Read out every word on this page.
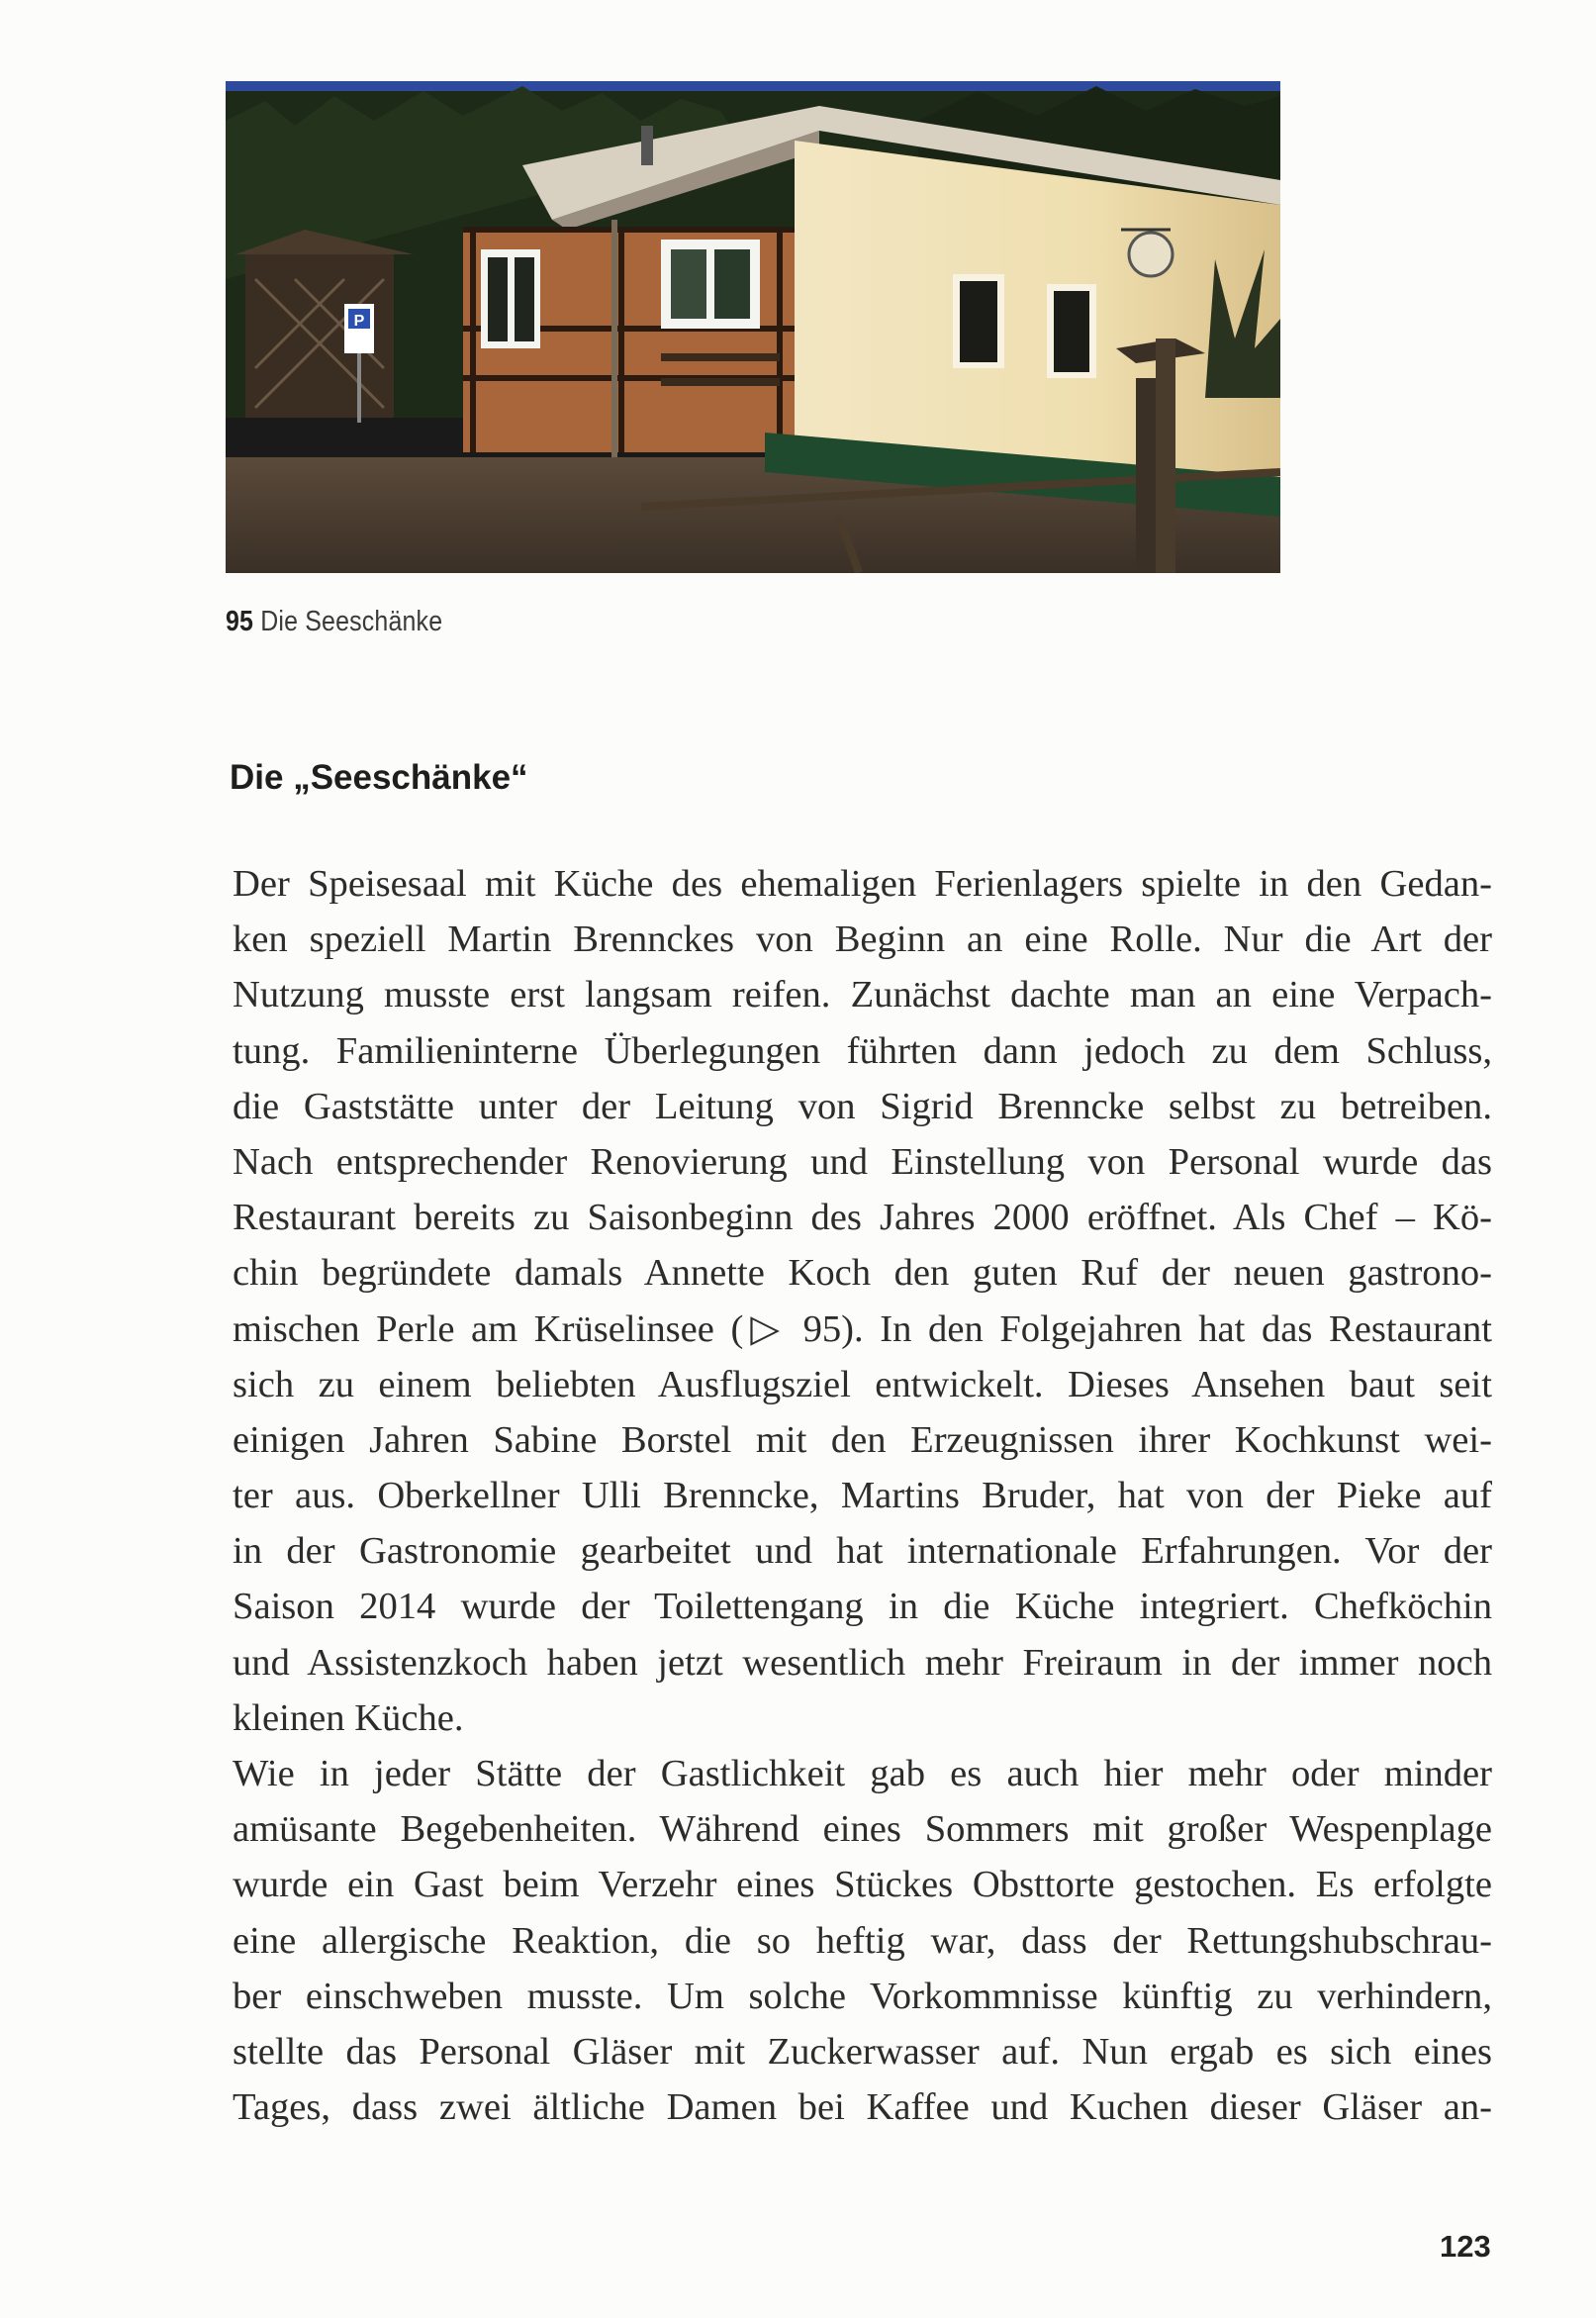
P
95 Die Seeschänke
Die „Seeschänke“
Der Speisesaal mit Küche des ehemaligen Ferienlagers spielte in den Gedan-
ken speziell Martin Brennckes von Beginn an eine Rolle. Nur die Art der
Nutzung musste erst langsam reifen. Zunächst dachte man an eine Verpach-
tung. Familieninterne Überlegungen führten dann jedoch zu dem Schluss,
die Gaststätte unter der Leitung von Sigrid Brenncke selbst zu betreiben.
Nach entsprechender Renovierung und Einstellung von Personal wurde das
Restaurant bereits zu Saisonbeginn des Jahres 2000 eröffnet. Als Chef – Kö-
chin begründete damals Annette Koch den guten Ruf der neuen gastrono-
mischen Perle am Krüselinsee (▷ 95). In den Folgejahren hat das Restaurant
sich zu einem beliebten Ausflugsziel entwickelt. Dieses Ansehen baut seit
einigen Jahren Sabine Borstel mit den Erzeugnissen ihrer Kochkunst wei-
ter aus. Oberkellner Ulli Brenncke, Martins Bruder, hat von der Pieke auf
in der Gastronomie gearbeitet und hat internationale Erfahrungen. Vor der
Saison 2014 wurde der Toilettengang in die Küche integriert. Chefköchin
und Assistenzkoch haben jetzt wesentlich mehr Freiraum in der immer noch
kleinen Küche.
Wie in jeder Stätte der Gastlichkeit gab es auch hier mehr oder minder
amüsante Begebenheiten. Während eines Sommers mit großer Wespenplage
wurde ein Gast beim Verzehr eines Stückes Obsttorte gestochen. Es erfolgte
eine allergische Reaktion, die so heftig war, dass der Rettungshubschrau-
ber einschweben musste. Um solche Vorkommnisse künftig zu verhindern,
stellte das Personal Gläser mit Zuckerwasser auf. Nun ergab es sich eines
Tages, dass zwei ältliche Damen bei Kaffee und Kuchen dieser Gläser an-
123
